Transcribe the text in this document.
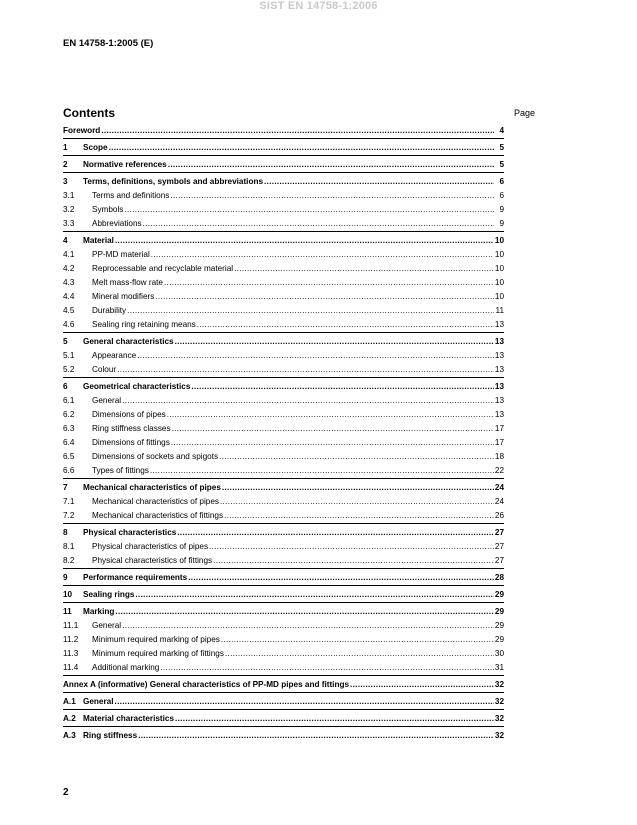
SIST EN 14758-1:2006
EN 14758-1:2005 (E)
Contents	Page
Foreword .....	4
1 Scope .....	5
2 Normative references .....	5
3 Terms, definitions, symbols and abbreviations .....	6
3.1 Terms and definitions .....	6
3.2 Symbols .....	9
3.3 Abbreviations .....	9
4 Material .....	10
4.1 PP-MD material .....	10
4.2 Reprocessable and recyclable material .....	10
4.3 Melt mass-flow rate .....	10
4.4 Mineral modifiers .....	10
4.5 Durability .....	11
4.6 Sealing ring retaining means .....	13
5 General characteristics .....	13
5.1 Appearance .....	13
5.2 Colour .....	13
6 Geometrical characteristics .....	13
6.1 General .....	13
6.2 Dimensions of pipes .....	13
6.3 Ring stiffness classes .....	17
6.4 Dimensions of fittings .....	17
6.5 Dimensions of sockets and spigots .....	18
6.6 Types of fittings .....	22
7 Mechanical characteristics of pipes .....	24
7.1 Mechanical characteristics of pipes .....	24
7.2 Mechanical characteristics of fittings .....	26
8 Physical characteristics .....	27
8.1 Physical characteristics of pipes .....	27
8.2 Physical characteristics of fittings .....	27
9 Performance requirements .....	28
10 Sealing rings .....	29
11 Marking .....	29
11.1 General .....	29
11.2 Minimum required marking of pipes .....	29
11.3 Minimum required marking of fittings .....	30
11.4 Additional marking .....	31
Annex A (informative) General characteristics of PP-MD pipes and fittings .....	32
A.1 General .....	32
A.2 Material characteristics .....	32
A.3 Ring stiffness .....	32
2
